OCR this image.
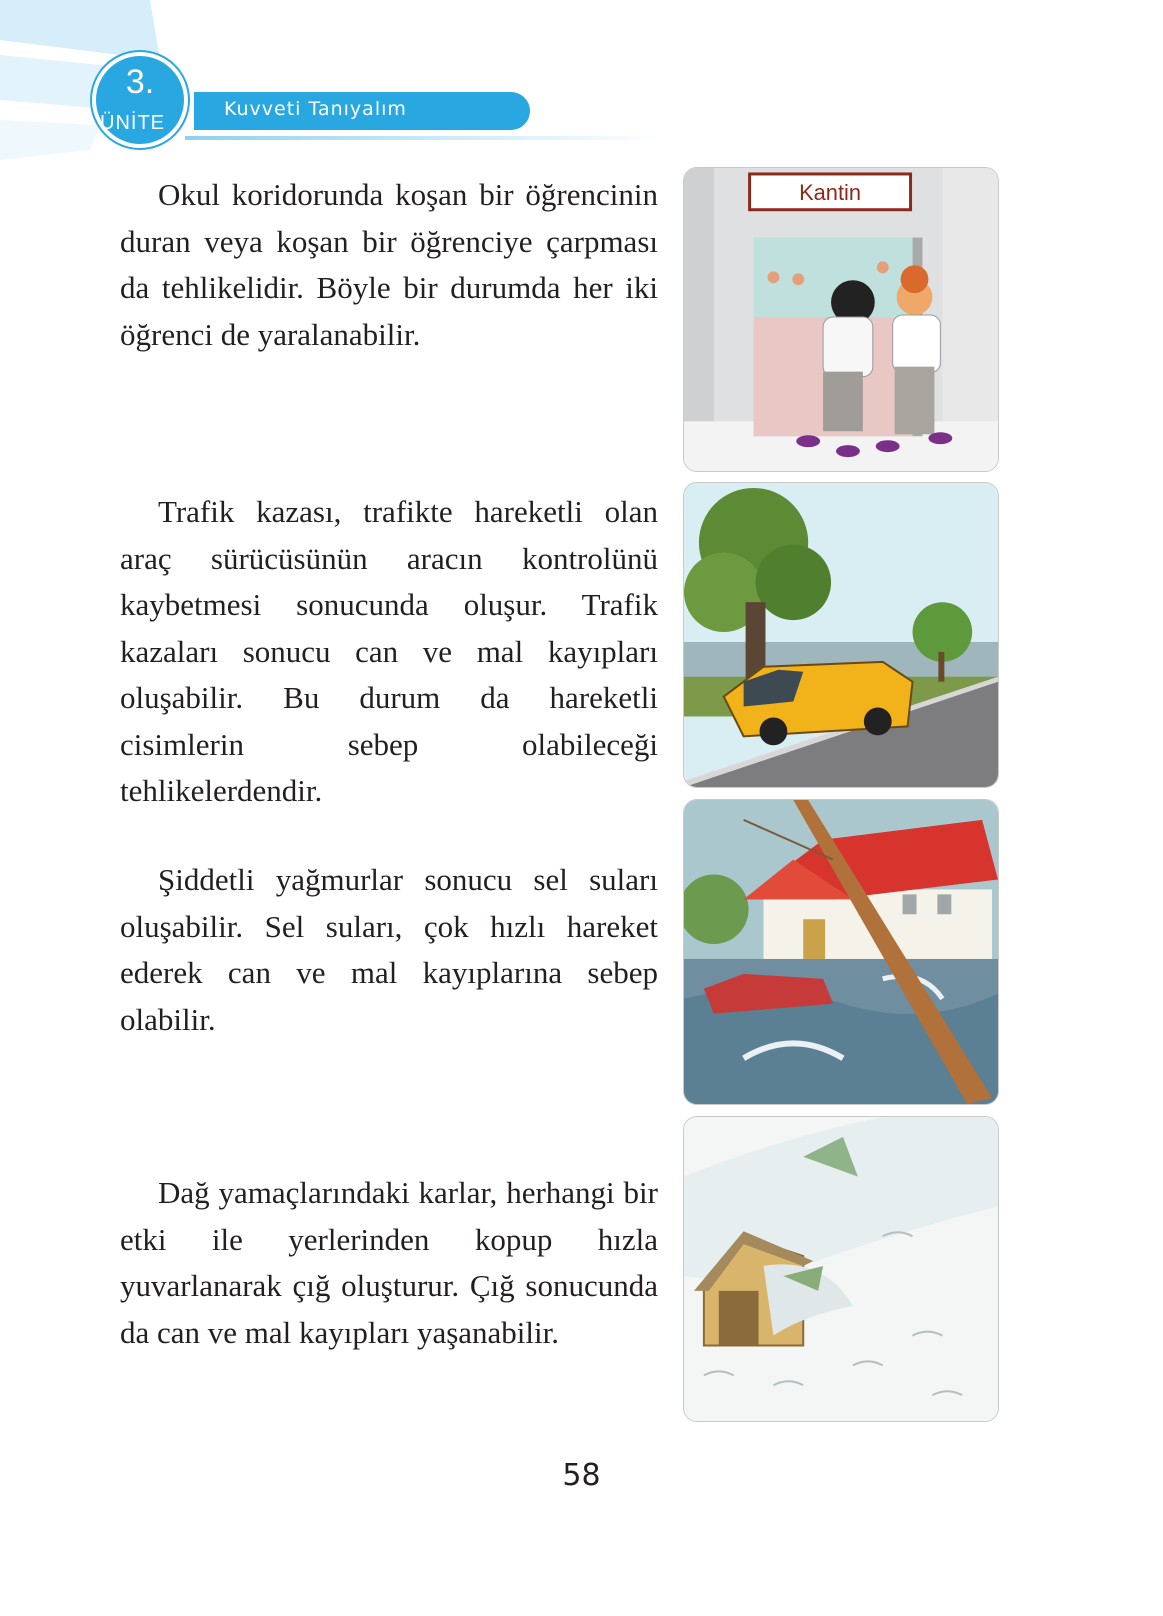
3.
ÜNİTE
Kuvveti Tanıyalım

Okul koridorunda koşan bir öğrencinin duran veya koşan bir öğrenciye çarpması da tehlikelidir. Böyle bir durumda her iki öğrenci de yaralanabilir.

Trafik kazası, trafikte hareketli olan araç sürücüsünün aracın kontrolünü kaybetmesi sonucunda oluşur. Trafik kazaları sonucu can ve mal kayıpları oluşabilir. Bu durum da hareketli cisimlerin sebep olabileceği tehlikelerdendir.

Şiddetli yağmurlar sonucu sel suları oluşabilir. Sel suları, çok hızlı hareket ederek can ve mal kayıplarına sebep olabilir.

Dağ yamaçlarındaki karlar, herhangi bir etki ile yerlerinden kopup hızla yuvarlanarak çığ oluşturur. Çığ sonucunda da can ve mal kayıpları yaşanabilir.

Kantin
58
